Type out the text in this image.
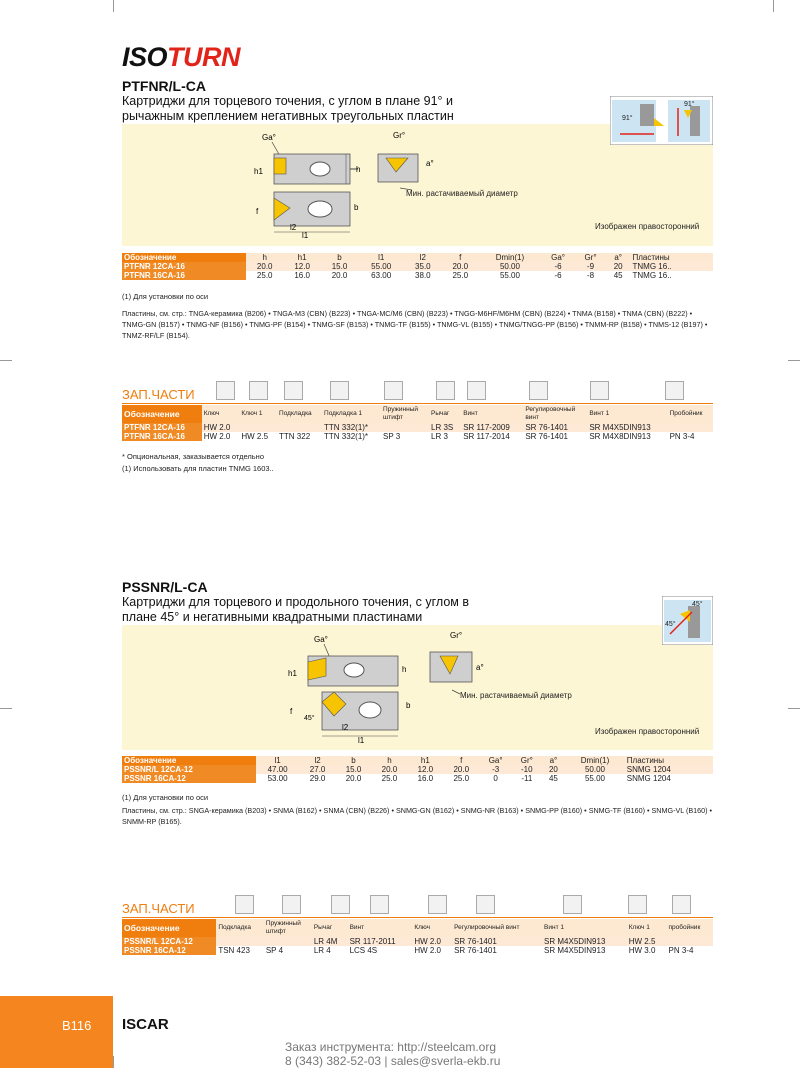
ISOTURN
PTFNR/L-CA
Картриджи для торцевого точения, с углом в плане 91° и
рычажным креплением негативных треугольных пластин	91°
91°
Ga°
h1	h
f	b
l1
l2
Gr°
a°
Мин. растачиваемый диаметр
Изображен правосторонний
Обозначение	h	h1	b	l1	l2	f	Dmin(1)	Ga°	Gr°	a°	Пластины
PTFNR 12CA-16	20.0	12.0	15.0	55.00	35.0	20.0	50.00	-6	-9	20	TNMG 16..
PTFNR 16CA-16	25.0	16.0	20.0	63.00	38.0	25.0	55.00	-6	-8	45	TNMG 16..
(1) Для установки по оси
Пластины, см. стр.: TNGA-керамика (B206) • TNGA-M3 (CBN) (B223) • TNGA-MC/M6 (CBN) (B223) • TNGG-M6HF/M6HM (CBN) (B224) • TNMA (B158) • TNMA (CBN) (B222) • TNMG-GN (B157) • TNMG-NF (B156) • TNMG-PF (B154) • TNMG-SF (B153) • TNMG-TF (B155) • TNMG-VL (B155) • TNMG/TNGG-PP (B156) • TNMM-RP (B158) • TNMS-12 (B197) • TNMZ-RF/LF (B154).
ЗАП.ЧАСТИ
Обозначение	Ключ	Ключ 1	Подкладка	Подкладка 1	Пружинный штифт	Рычаг	Винт	Регулировочный винт	Винт 1	Пробойник
PTFNR 12CA-16	HW 2.0			TTN 332(1)*		LR 3S	SR 117-2009	SR 76-1401	SR M4X5DIN913	
PTFNR 16CA-16	HW 2.0	HW 2.5	TTN 322	TTN 332(1)*	SP 3	LR 3	SR 117-2014	SR 76-1401	SR M4X8DIN913	PN 3-4
* Опциональная, заказывается отдельно
(1) Использовать для пластин TNMG 1603..
PSSNR/L-CA
Картриджи для торцевого и продольного точения, с углом в
плане 45° и негативными квадратными пластинами
45°
45°
Ga°
h1	h
f
45°
b
l1
l2
Gr°
a°
Мин. растачиваемый диаметр
Изображен правосторонний
Обозначение	l1	l2	b	h	h1	f	Ga°	Gr°	a°	Dmin(1)	Пластины
PSSNR/L 12CA-12	47.00	27.0	15.0	20.0	12.0	20.0	-3	-10	20	50.00	SNMG 1204
PSSNR 16CA-12	53.00	29.0	20.0	25.0	16.0	25.0	0	-11	45	55.00	SNMG 1204
(1) Для установки по оси
Пластины, см. стр.: SNGA-керамика (B203) • SNMA (B162) • SNMA (CBN) (B226) • SNMG-GN (B162) • SNMG-NR (B163) • SNMG-PP (B160) • SNMG-TF (B160) • SNMG-VL (B160) • SNMM-RP (B165).
ЗАП.ЧАСТИ
Обозначение	Подкладка	Пружинный штифт	Рычаг	Винт	Ключ	Регулировочный винт	Винт 1	Ключ 1	пробойник
PSSNR/L 12CA-12			LR 4M	SR 117-2011	HW 2.0	SR 76-1401	SR M4X5DIN913	HW 2.5	
PSSNR 16CA-12	TSN 423	SP 4	LR 4	LCS 4S	HW 2.0	SR 76-1401	SR M4X5DIN913	HW 3.0	PN 3-4
B116 ISCAR
Заказ инструмента: http://steelcam.org
8 (343) 382-52-03 | sales@sverla-ekb.ru
